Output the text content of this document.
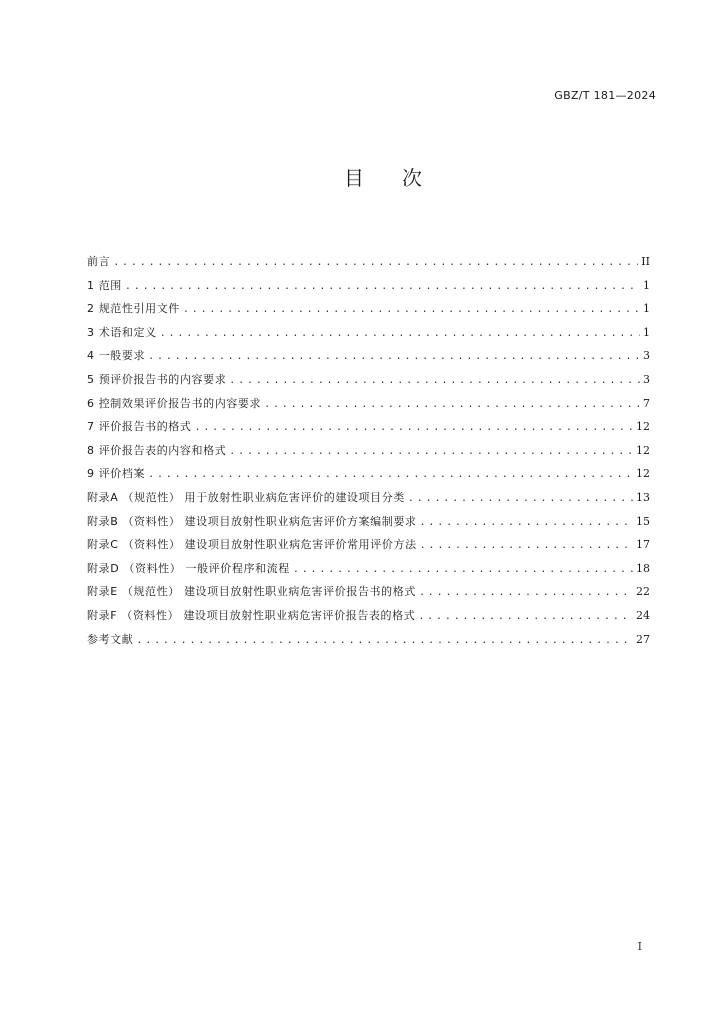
GBZ/T 181—2024
目次
前言 . . .	II
1 范围 . . .	1
2 规范性引用文件 . . .	1
3 术语和定义 . . .	1
4 一般要求 . . .	3
5 预评价报告书的内容要求 . . .	3
6 控制效果评价报告书的内容要求 . . .	7
7 评价报告书的格式 . . .	12
8 评价报告表的内容和格式 . . .	12
9 评价档案 . . .	12
附录A （规范性） 用于放射性职业病危害评价的建设项目分类 . . .	13
附录B （资料性） 建设项目放射性职业病危害评价方案编制要求 . . .	15
附录C （资料性） 建设项目放射性职业病危害评价常用评价方法 . . .	17
附录D （资料性） 一般评价程序和流程 . . .	18
附录E （规范性） 建设项目放射性职业病危害评价报告书的格式 . . .	22
附录F （资料性） 建设项目放射性职业病危害评价报告表的格式 . . .	24
参考文献 . . .	27
I
